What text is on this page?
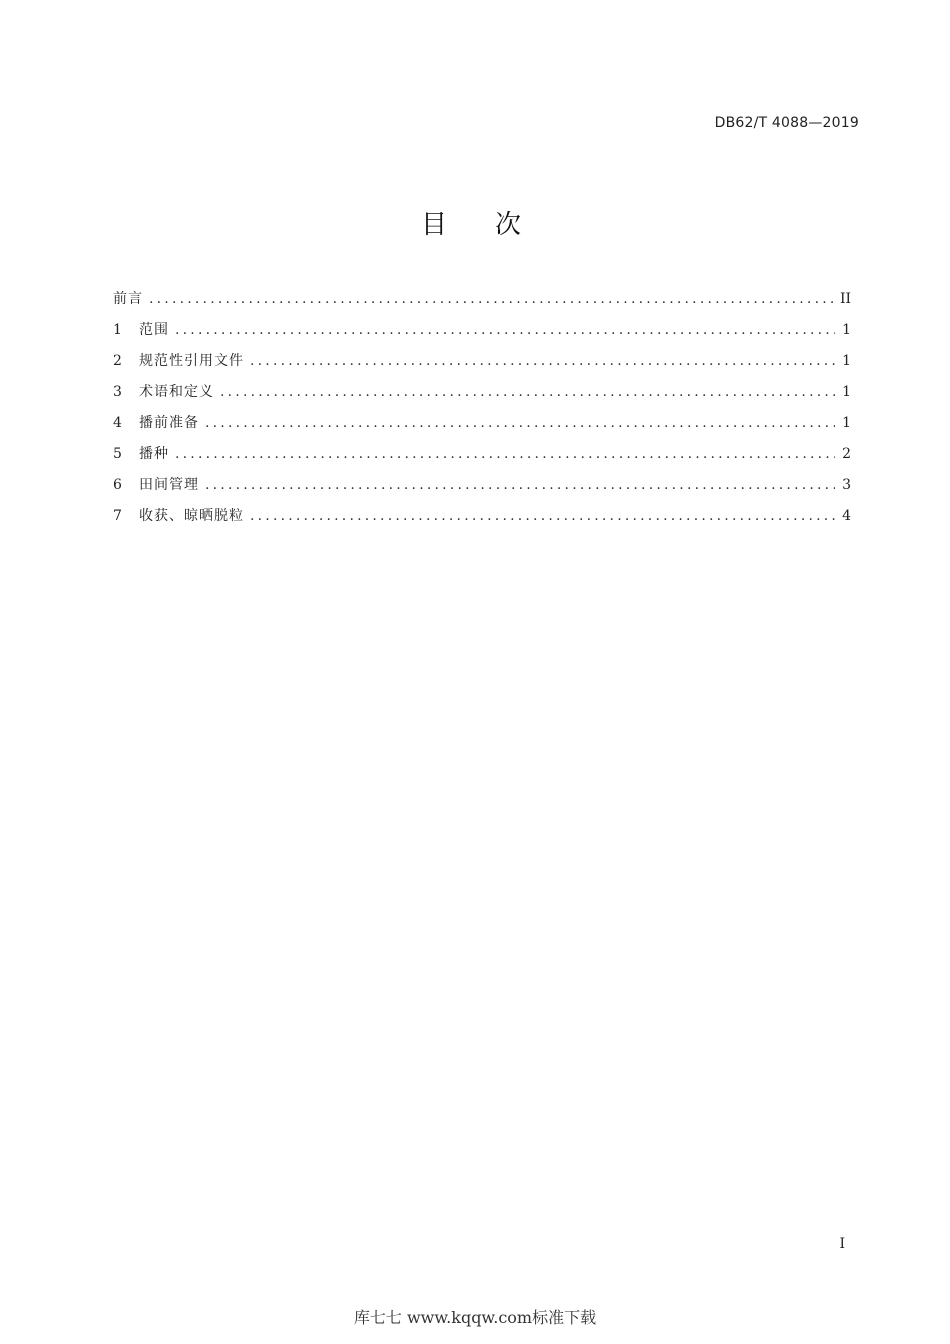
DB62/T 4088—2019
目次
前言 .....	II
1	范围 .....	1
2	规范性引用文件 .....	1
3	术语和定义 .....	1
4	播前准备 .....	1
5	播种 .....	2
6	田间管理 .....	3
7	收获、晾晒脱粒 .....	4
I
库七七 www.kqqw.com标准下载
